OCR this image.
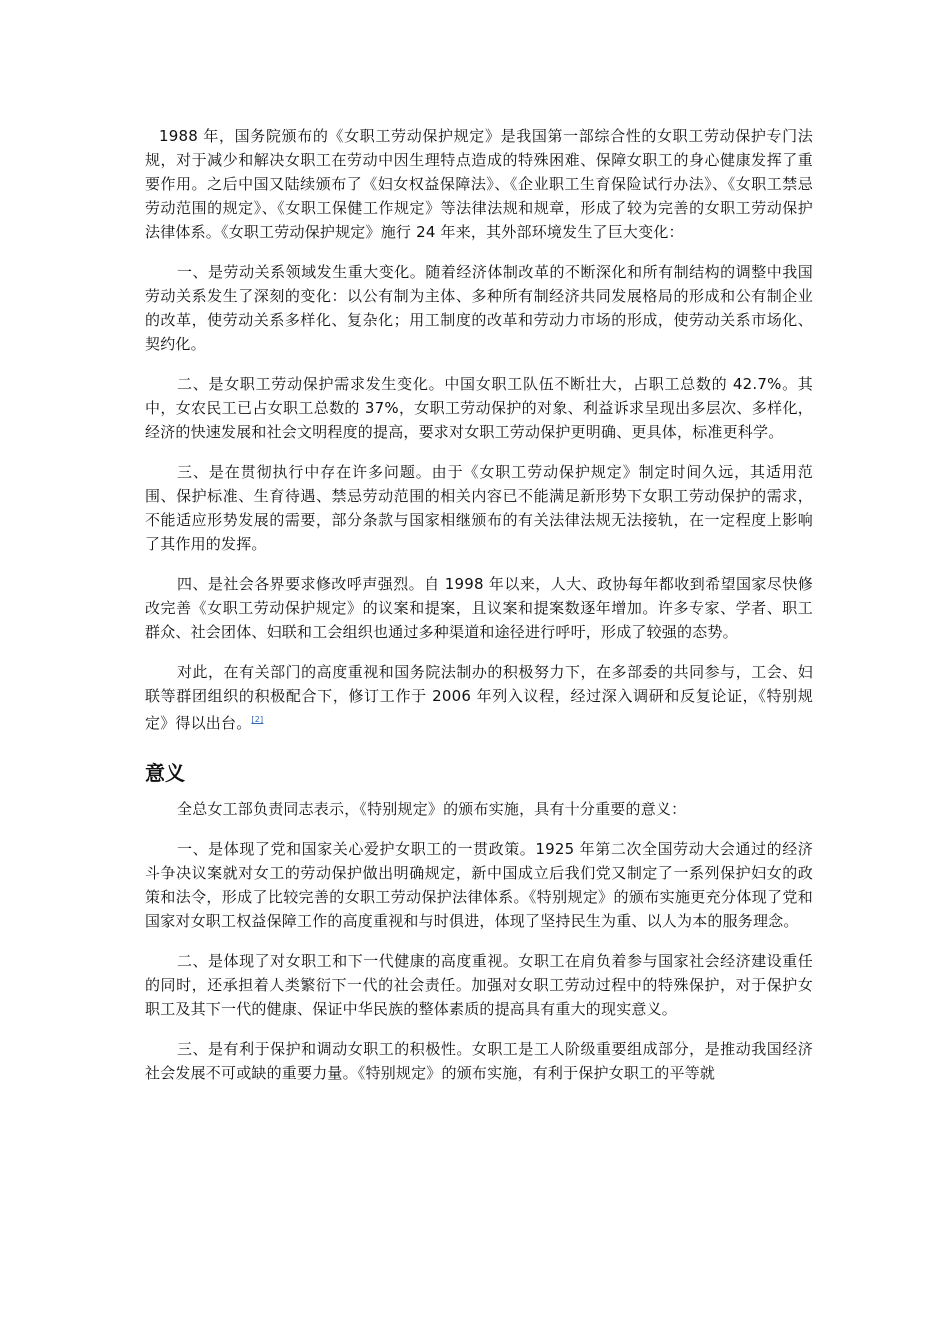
1988 年，国务院颁布的《女职工劳动保护规定》是我国第一部综合性的女职工劳动保护专门法规，对于减少和解决女职工在劳动中因生理特点造成的特殊困难、保障女职工的身心健康发挥了重要作用。之后中国又陆续颁布了《妇女权益保障法》、《企业职工生育保险试行办法》、《女职工禁忌劳动范围的规定》、《女职工保健工作规定》等法律法规和规章，形成了较为完善的女职工劳动保护法律体系。《女职工劳动保护规定》施行 24 年来，其外部环境发生了巨大变化：

一、是劳动关系领域发生重大变化。随着经济体制改革的不断深化和所有制结构的调整中我国劳动关系发生了深刻的变化：以公有制为主体、多种所有制经济共同发展格局的形成和公有制企业的改革，使劳动关系多样化、复杂化；用工制度的改革和劳动力市场的形成，使劳动关系市场化、契约化。

二、是女职工劳动保护需求发生变化。中国女职工队伍不断壮大，占职工总数的 42.7%。其中，女农民工已占女职工总数的 37%，女职工劳动保护的对象、利益诉求呈现出多层次、多样化，经济的快速发展和社会文明程度的提高，要求对女职工劳动保护更明确、更具体，标准更科学。

三、是在贯彻执行中存在许多问题。由于《女职工劳动保护规定》制定时间久远，其适用范围、保护标准、生育待遇、禁忌劳动范围的相关内容已不能满足新形势下女职工劳动保护的需求，不能适应形势发展的需要，部分条款与国家相继颁布的有关法律法规无法接轨，在一定程度上影响了其作用的发挥。

四、是社会各界要求修改呼声强烈。自 1998 年以来，人大、政协每年都收到希望国家尽快修改完善《女职工劳动保护规定》的议案和提案，且议案和提案数逐年增加。许多专家、学者、职工群众、社会团体、妇联和工会组织也通过多种渠道和途径进行呼吁，形成了较强的态势。

对此，在有关部门的高度重视和国务院法制办的积极努力下，在多部委的共同参与，工会、妇联等群团组织的积极配合下，修订工作于 2006 年列入议程，经过深入调研和反复论证，《特别规定》得以出台。[2]

意义

全总女工部负责同志表示，《特别规定》的颁布实施，具有十分重要的意义：

一、是体现了党和国家关心爱护女职工的一贯政策。1925 年第二次全国劳动大会通过的经济斗争决议案就对女工的劳动保护做出明确规定，新中国成立后我们党又制定了一系列保护妇女的政策和法令，形成了比较完善的女职工劳动保护法律体系。《特别规定》的颁布实施更充分体现了党和国家对女职工权益保障工作的高度重视和与时俱进，体现了坚持民生为重、以人为本的服务理念。

二、是体现了对女职工和下一代健康的高度重视。女职工在肩负着参与国家社会经济建设重任的同时，还承担着人类繁衍下一代的社会责任。加强对女职工劳动过程中的特殊保护，对于保护女职工及其下一代的健康、保证中华民族的整体素质的提高具有重大的现实意义。

三、是有利于保护和调动女职工的积极性。女职工是工人阶级重要组成部分，是推动我国经济社会发展不可或缺的重要力量。《特别规定》的颁布实施，有利于保护女职工的平等就
